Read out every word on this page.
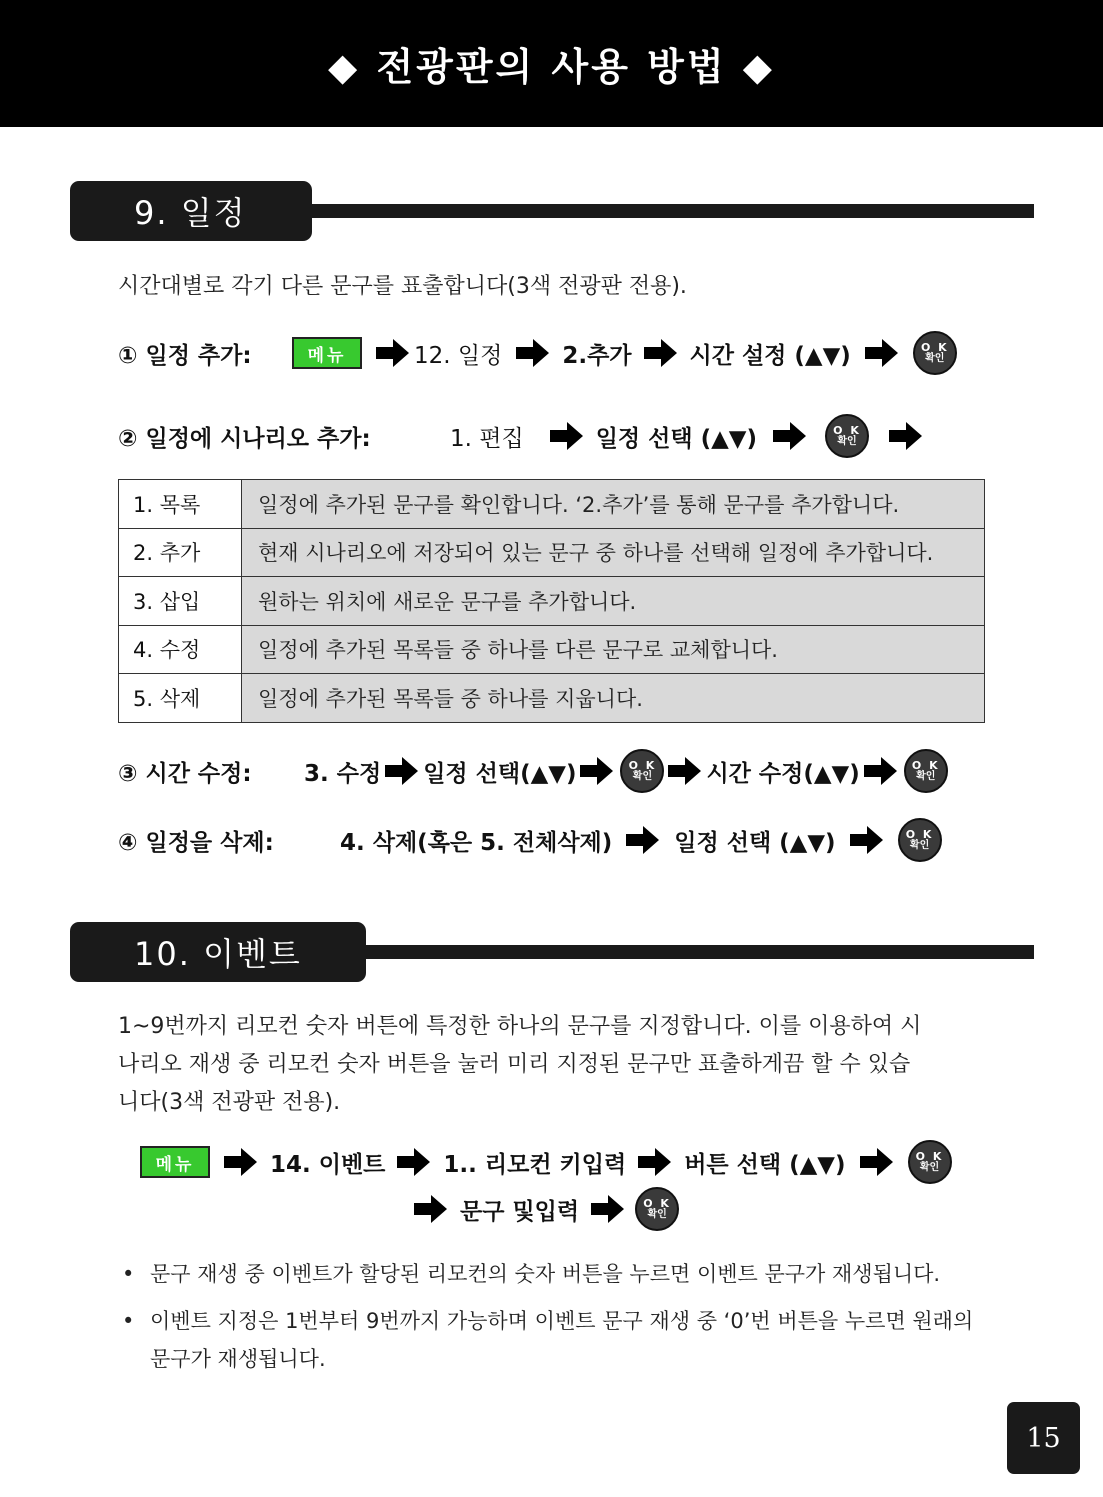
◆ 전광판의 사용 방법 ◆
9. 일정
시간대별로 각기 다른 문구를 표출합니다(3색 전광판 전용).
① 일정 추가:	메뉴	12. 일정	2.추가	시간 설정 (▲▼)	O K
확인
② 일정에 시나리오 추가:	1. 편집	일정 선택 (▲▼)	O K
확인
1. 목록	일정에 추가된 문구를 확인합니다. ‘2.추가’를 통해 문구를 추가합니다.
2. 추가	현재 시나리오에 저장되어 있는 문구 중 하나를 선택해 일정에 추가합니다.
3. 삽입	원하는 위치에 새로운 문구를 추가합니다.
4. 수정	일정에 추가된 목록들 중 하나를 다른 문구로 교체합니다.
5. 삭제	일정에 추가된 목록들 중 하나를 지웁니다.
③ 시간 수정:	3. 수정 일정 선택(▲▼)	O K
확인 시간 수정(▲▼)	O K
확인
④ 일정을 삭제:	4. 삭제(혹은 5. 전체삭제)	일정 선택 (▲▼)	O K
확인
10. 이벤트
1~9번까지 리모컨 숫자 버튼에 특정한 하나의 문구를 지정합니다. 이를 이용하여 시
나리오 재생 중 리모컨 숫자 버튼을 눌러 미리 지정된 문구만 표출하게끔 할 수 있습
니다(3색 전광판 전용).
메뉴	14. 이벤트	1.. 리모컨 키입력	버튼 선택 (▲▼)	O K
확인
문구 및입력	O K
확인
• 문구 재생 중 이벤트가 할당된 리모컨의 숫자 버튼을 누르면 이벤트 문구가 재생됩니다.
• 이벤트 지정은 1번부터 9번까지 가능하며 이벤트 문구 재생 중 ‘0’번 버튼을 누르면 원래의
문구가 재생됩니다.
15
